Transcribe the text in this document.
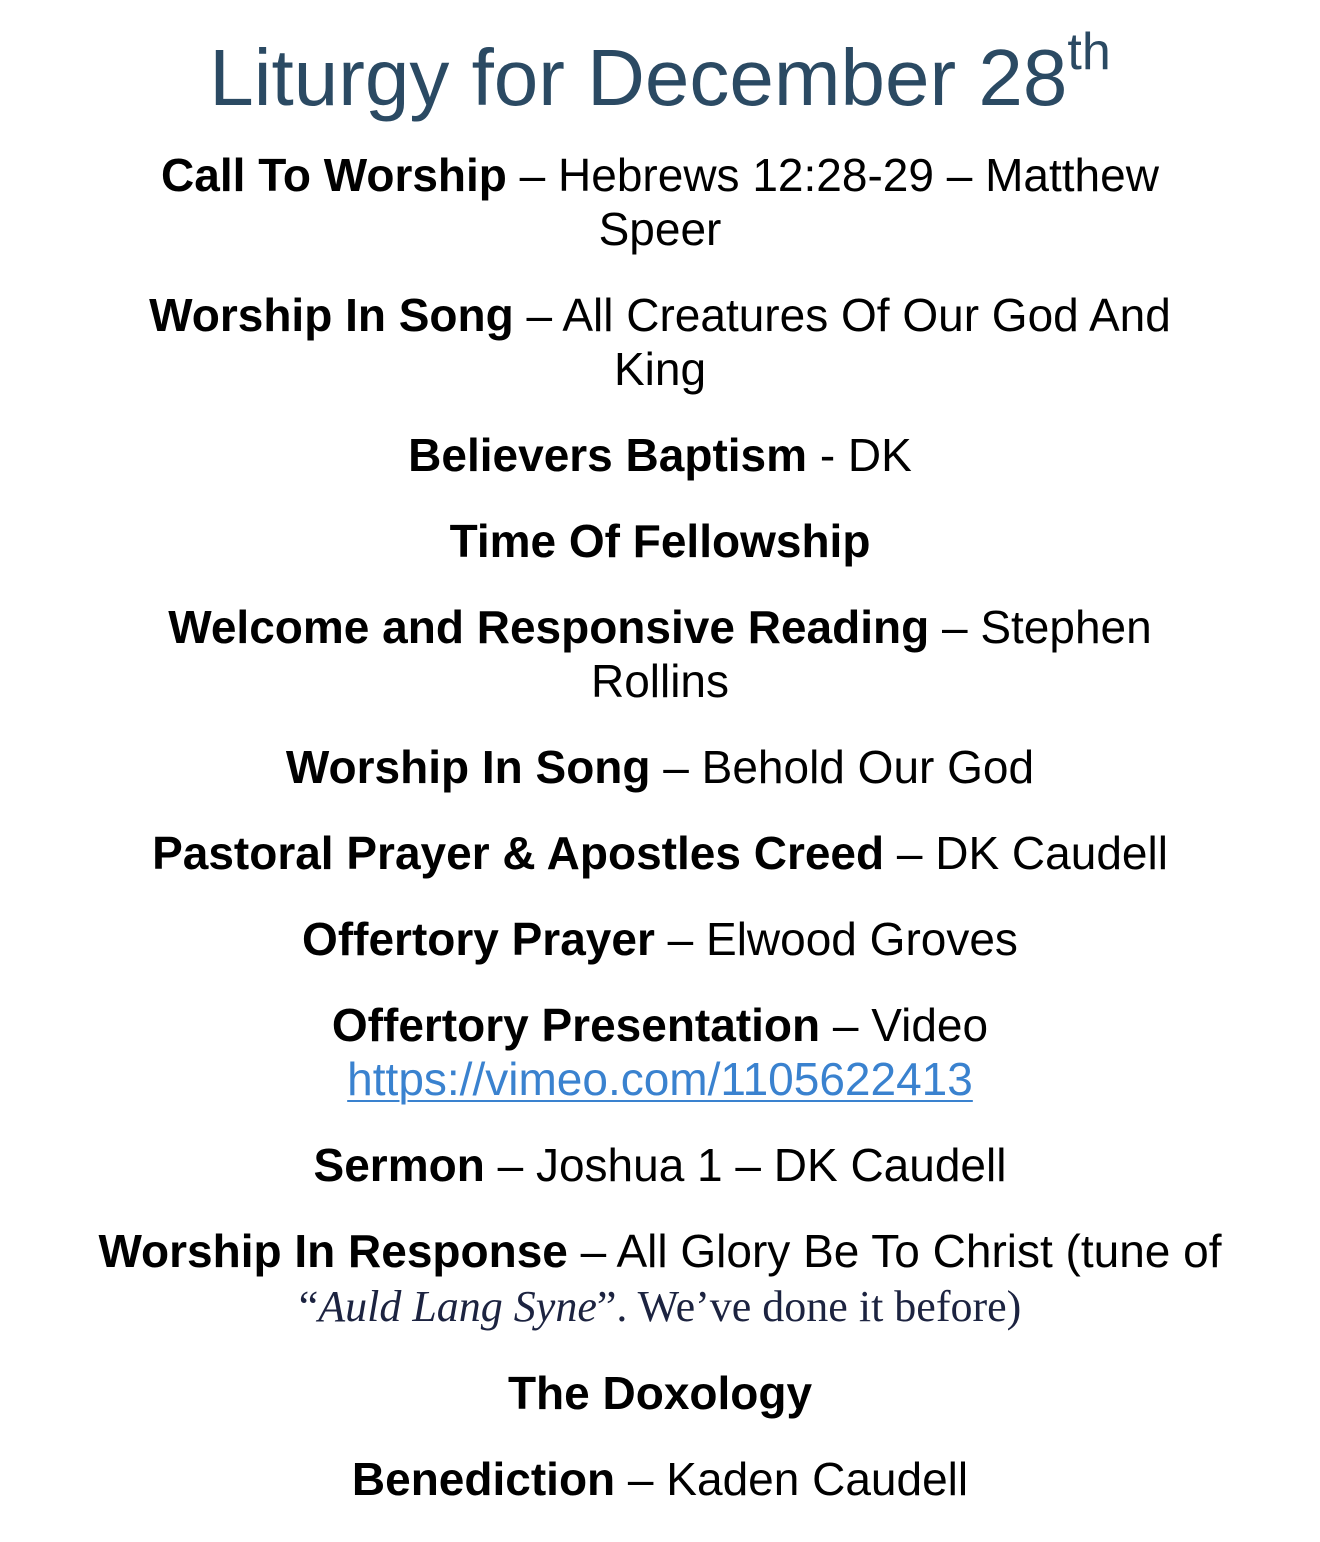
Liturgy for December 28th
Call To Worship – Hebrews 12:28-29 – Matthew Speer
Worship In Song – All Creatures Of Our God And King
Believers Baptism - DK
Time Of Fellowship
Welcome and Responsive Reading – Stephen Rollins
Worship In Song – Behold Our God
Pastoral Prayer & Apostles Creed – DK Caudell
Offertory Prayer – Elwood Groves
Offertory Presentation – Video https://vimeo.com/1105622413
Sermon – Joshua 1 – DK Caudell
Worship In Response – All Glory Be To Christ (tune of “Auld Lang Syne”. We’ve done it before)
The Doxology
Benediction – Kaden Caudell
